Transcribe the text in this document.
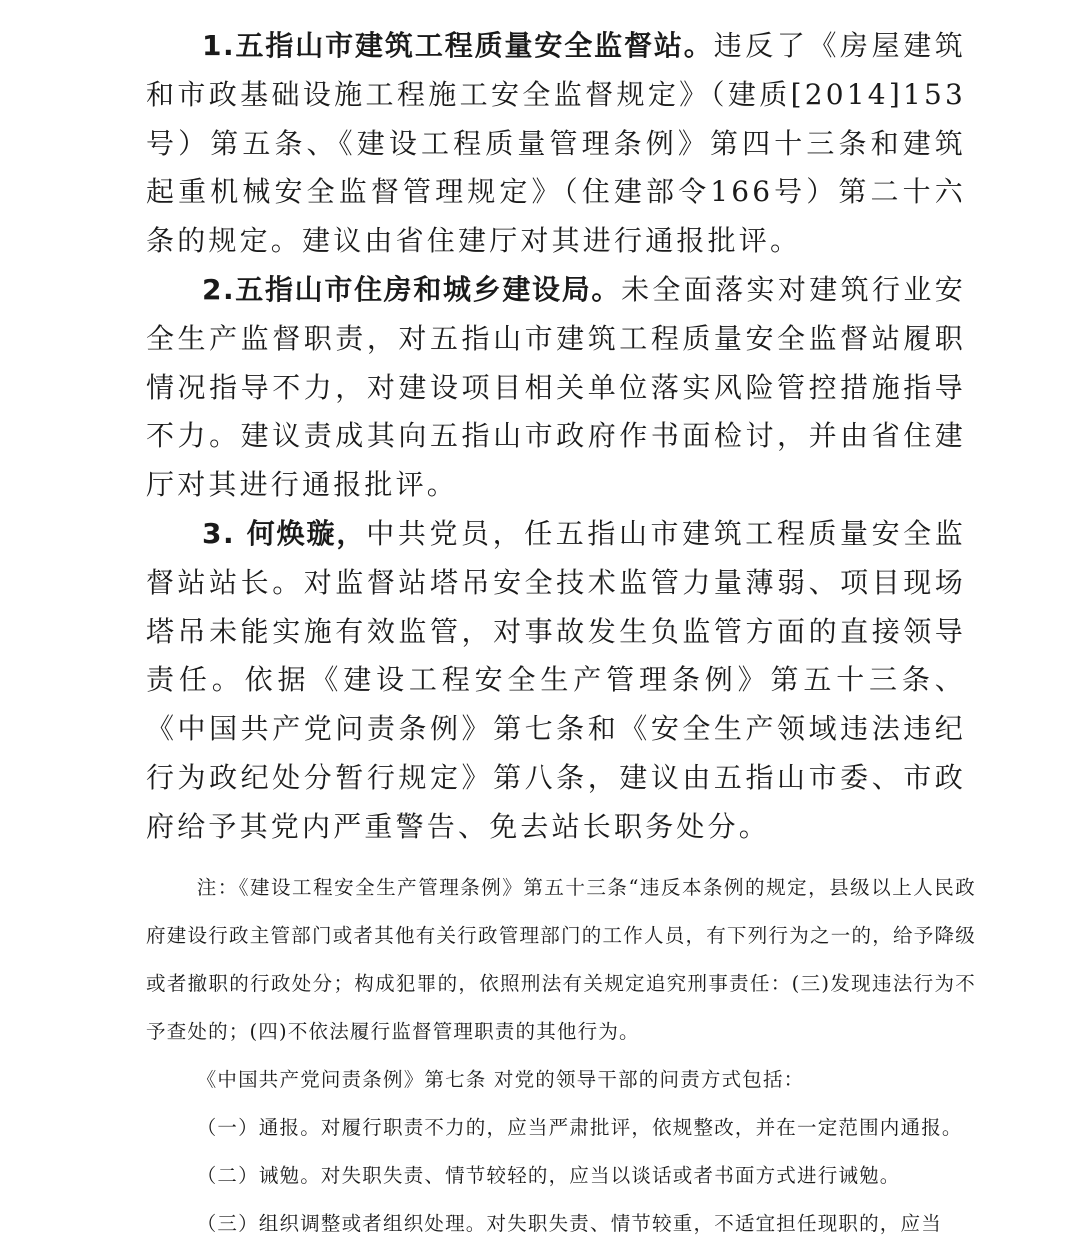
1.五指山市建筑工程质量安全监督站。违反了《房屋建筑和市政基础设施工程施工安全监督规定》（建质[2014]153号）第五条、《建设工程质量管理条例》第四十三条和建筑起重机械安全监督管理规定》（住建部令166号）第二十六条的规定。建议由省住建厅对其进行通报批评。

2.五指山市住房和城乡建设局。未全面落实对建筑行业安全生产监督职责，对五指山市建筑工程质量安全监督站履职情况指导不力，对建设项目相关单位落实风险管控措施指导不力。建议责成其向五指山市政府作书面检讨，并由省住建厅对其进行通报批评。

3. 何焕璇，中共党员，任五指山市建筑工程质量安全监督站站长。对监督站塔吊安全技术监管力量薄弱、项目现场塔吊未能实施有效监管，对事故发生负监管方面的直接领导责任。依据《建设工程安全生产管理条例》第五十三条、《中国共产党问责条例》第七条和《安全生产领域违法违纪行为政纪处分暂行规定》第八条，建议由五指山市委、市政府给予其党内严重警告、免去站长职务处分。

注：《建设工程安全生产管理条例》第五十三条“违反本条例的规定，县级以上人民政府建设行政主管部门或者其他有关行政管理部门的工作人员，有下列行为之一的，给予降级或者撤职的行政处分；构成犯罪的，依照刑法有关规定追究刑事责任：(三)发现违法行为不予查处的；(四)不依法履行监督管理职责的其他行为。

《中国共产党问责条例》第七条 对党的领导干部的问责方式包括：

（一）通报。对履行职责不力的，应当严肃批评，依规整改，并在一定范围内通报。

（二）诫勉。对失职失责、情节较轻的，应当以谈话或者书面方式进行诫勉。

（三）组织调整或者组织处理。对失职失责、情节较重，不适宜担任现职的，应当
